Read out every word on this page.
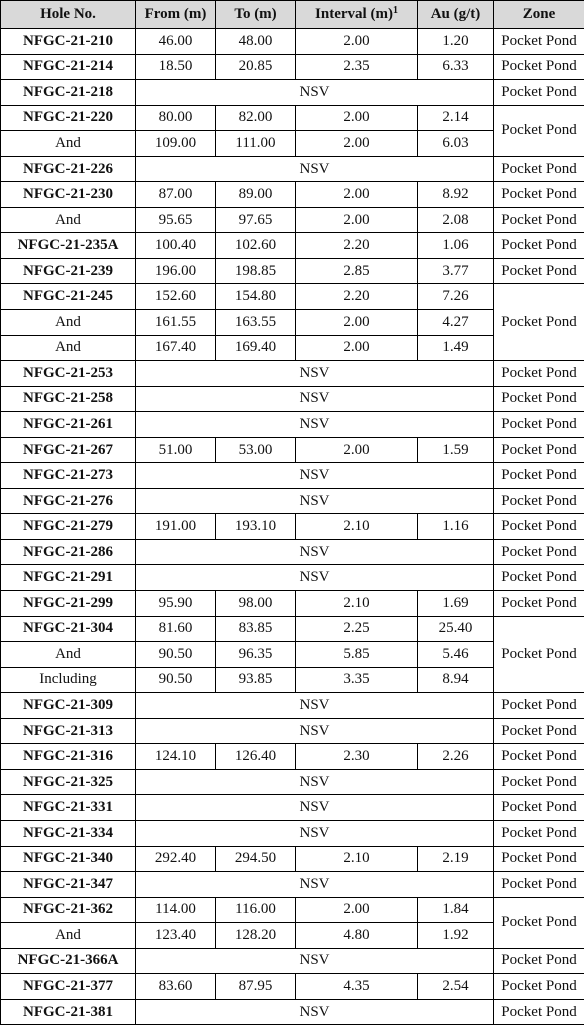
Hole No.	From (m)	To (m)	Interval $(m)^1$	Au (g/t)	Zone
NFGC-21-210	46.00	48.00	2.00	1.20	Pocket Pond
NFGC-21-214	18.50	20.85	2.35	6.33	Pocket Pond
NFGC-21-218	NSV				Pocket Pond
NFGC-21-220	80.00	82.00	2.00	2.14	Pocket Pond
And	109.00	111.00	2.00	6.03	
NFGC-21-226	NSV				Pocket Pond
NFGC-21-230	87.00	89.00	2.00	8.92	Pocket Pond
And	95.65	97.65	2.00	2.08	Pocket Pond
NFGC-21-235A	100.40	102.60	2.20	1.06	Pocket Pond
NFGC-21-239	196.00	198.85	2.85	3.77	Pocket Pond
NFGC-21-245	152.60	154.80	2.20	7.26	Pocket Pond
And	161.55	163.55	2.00	4.27	
And	167.40	169.40	2.00	1.49	
NFGC-21-253	NSV				Pocket Pond
NFGC-21-258	NSV				Pocket Pond
NFGC-21-261	NSV				Pocket Pond
NFGC-21-267	51.00	53.00	2.00	1.59	Pocket Pond
NFGC-21-273	NSV				Pocket Pond
NFGC-21-276	NSV				Pocket Pond
NFGC-21-279	191.00	193.10	2.10	1.16	Pocket Pond
NFGC-21-286	NSV				Pocket Pond
NFGC-21-291	NSV				Pocket Pond
NFGC-21-299	95.90	98.00	2.10	1.69	Pocket Pond
NFGC-21-304	81.60	83.85	2.25	25.40	Pocket Pond
And	90.50	96.35	5.85	5.46	
Including	90.50	93.85	3.35	8.94	
NFGC-21-309	NSV				Pocket Pond
NFGC-21-313	NSV				Pocket Pond
NFGC-21-316	124.10	126.40	2.30	2.26	Pocket Pond
NFGC-21-325	NSV				Pocket Pond
NFGC-21-331	NSV				Pocket Pond
NFGC-21-334	NSV				Pocket Pond
NFGC-21-340	292.40	294.50	2.10	2.19	Pocket Pond
NFGC-21-347	NSV				Pocket Pond
NFGC-21-362	114.00	116.00	2.00	1.84	Pocket Pond
And	123.40	128.20	4.80	1.92	
NFGC-21-366A	NSV				Pocket Pond
NFGC-21-377	83.60	87.95	4.35	2.54	Pocket Pond
NFGC-21-381	NSV				Pocket Pond
